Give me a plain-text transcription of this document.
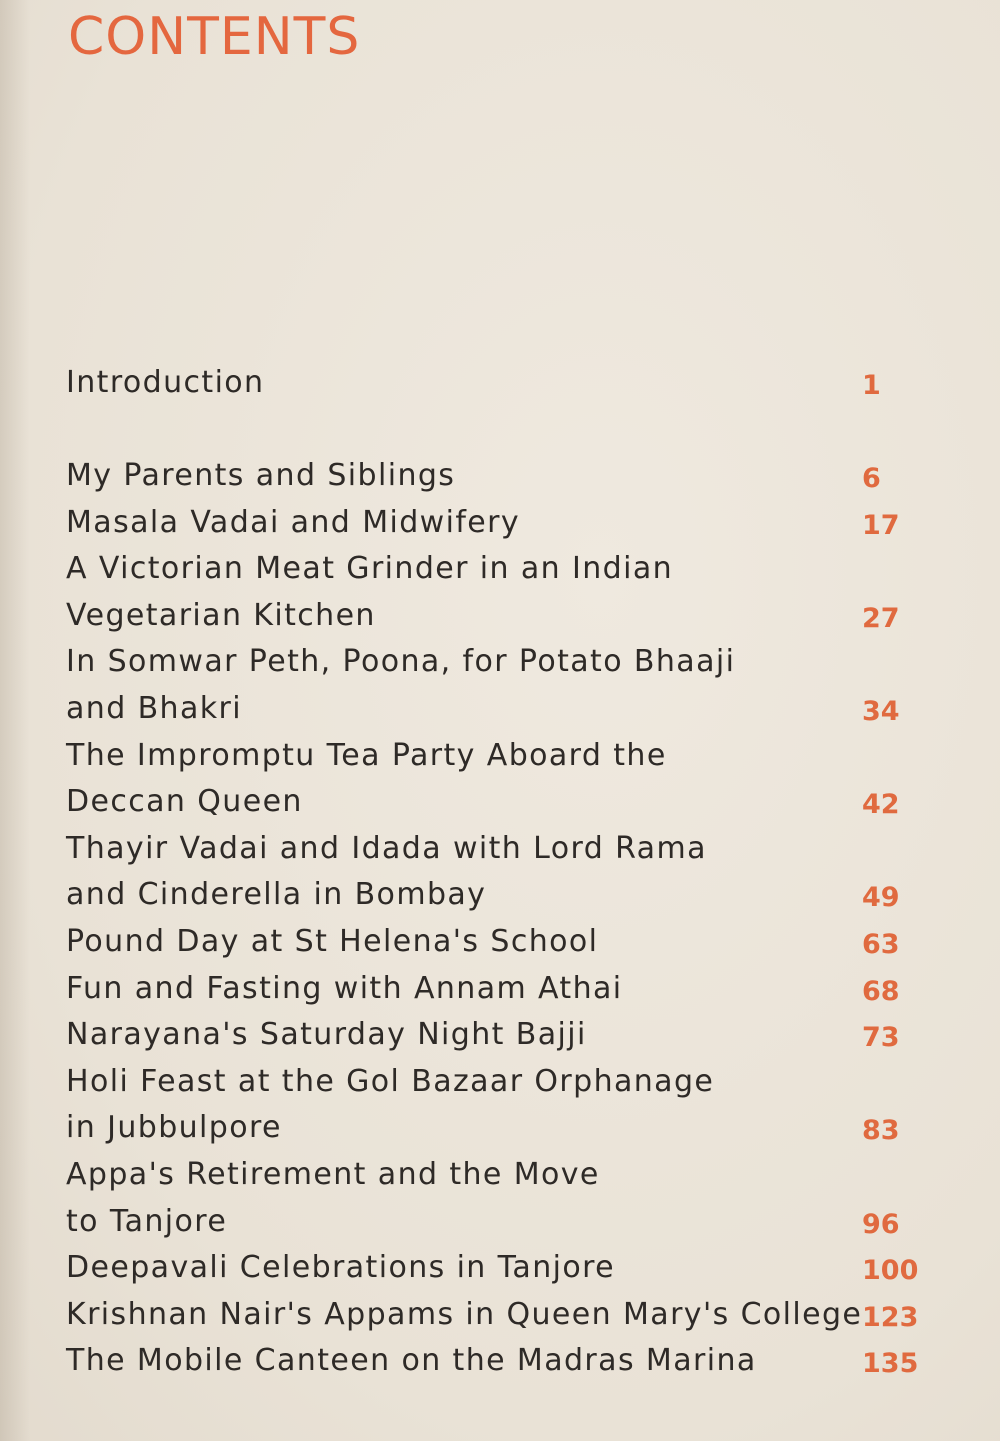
CONTENTS
Introduction	1
My Parents and Siblings	6
Masala Vadai and Midwifery	17
A Victorian Meat Grinder in an Indian
Vegetarian Kitchen	27
In Somwar Peth, Poona, for Potato Bhaaji
and Bhakri	34
The Impromptu Tea Party Aboard the
Deccan Queen	42
Thayir Vadai and Idada with Lord Rama
and Cinderella in Bombay	49
Pound Day at St Helena's School	63
Fun and Fasting with Annam Athai	68
Narayana's Saturday Night Bajji	73
Holi Feast at the Gol Bazaar Orphanage
in Jubbulpore	83
Appa's Retirement and the Move
to Tanjore	96
Deepavali Celebrations in Tanjore	100
Krishnan Nair's Appams in Queen Mary's College 123
The Mobile Canteen on the Madras Marina	135
